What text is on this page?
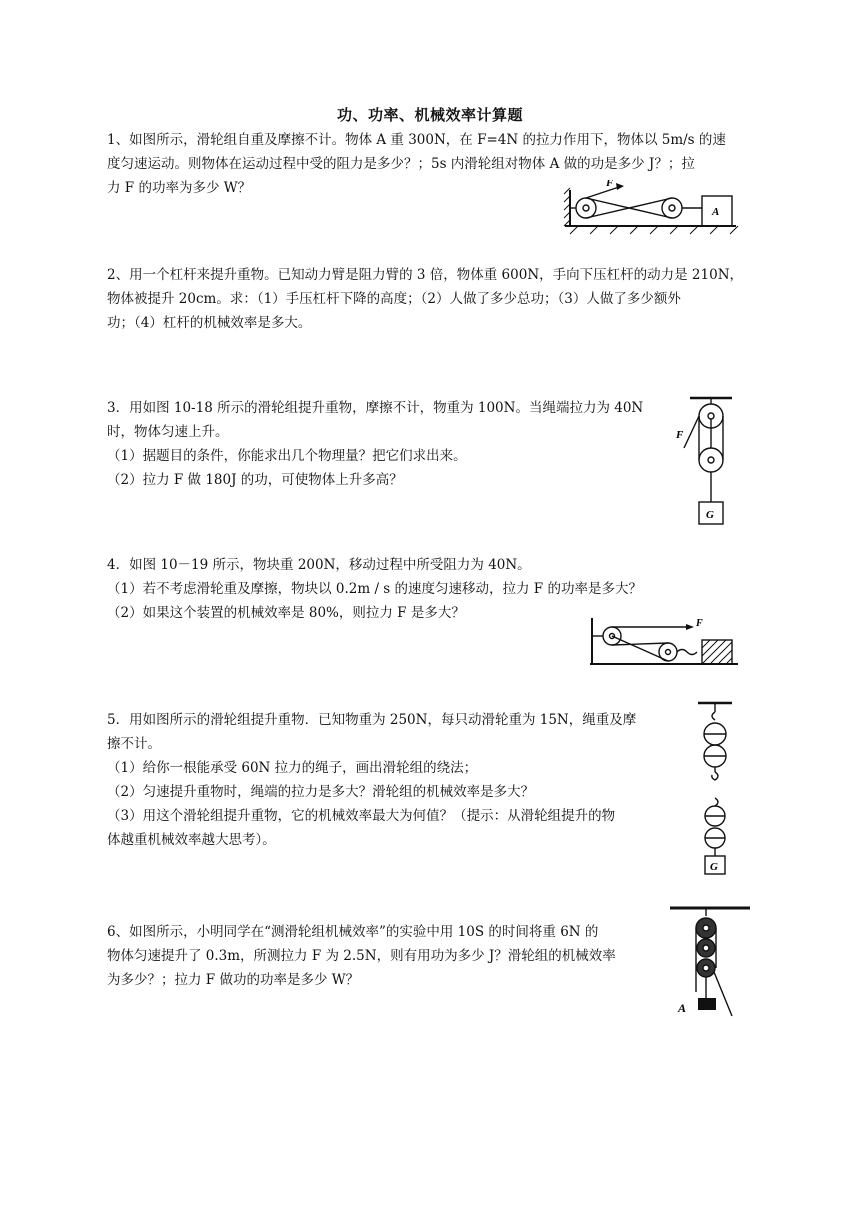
功、功率、机械效率计算题

1、如图所示，滑轮组自重及摩擦不计。物体 A 重 300N，在 F=4N 的拉力作用下，物体以 5m/s 的速

度匀速运动。则物体在运动过程中受的阻力是多少？；5s 内滑轮组对物体 A 做的功是多少 J？；拉

力 F 的功率为多少 W？	F
A

2、用一个杠杆来提升重物。已知动力臂是阻力臂的 3 倍，物体重 600N，手向下压杠杆的动力是 210N，

物体被提升 20cm。求：（1）手压杠杆下降的高度；（2）人做了多少总功；（3）人做了多少额外

功；（4）杠杆的机械效率是多大。

3．用如图 10-18 所示的滑轮组提升重物，摩擦不计，物重为 100N。当绳端拉力为 40N

时，物体匀速上升。

（1）据题目的条件，你能求出几个物理量？把它们求出来。

（2）拉力 F 做 180J 的功，可使物体上升多高？

F
G

4．如图 10－19 所示，物块重 200N，移动过程中所受阻力为 40N。

（1）若不考虑滑轮重及摩擦，物块以 0.2m / s 的速度匀速移动，拉力 F 的功率是多大？

（2）如果这个装置的机械效率是 80%，则拉力 F 是多大？

F

5．用如图所示的滑轮组提升重物．已知物重为 250N，每只动滑轮重为 15N，绳重及摩

擦不计。

（1）给你一根能承受 60N 拉力的绳子，画出滑轮组的绕法；

（2）匀速提升重物时，绳端的拉力是多大？滑轮组的机械效率是多大？

（3）用这个滑轮组提升重物，它的机械效率最大为何值？（提示：从滑轮组提升的物

体越重机械效率越大思考）。

G

6、如图所示，小明同学在“测滑轮组机械效率”的实验中用 10S 的时间将重 6N 的

物体匀速提升了 0.3m，所测拉力 F 为 2.5N，则有用功为多少 J？滑轮组的机械效率

为多少？；拉力 F 做功的功率是多少 W？

A
